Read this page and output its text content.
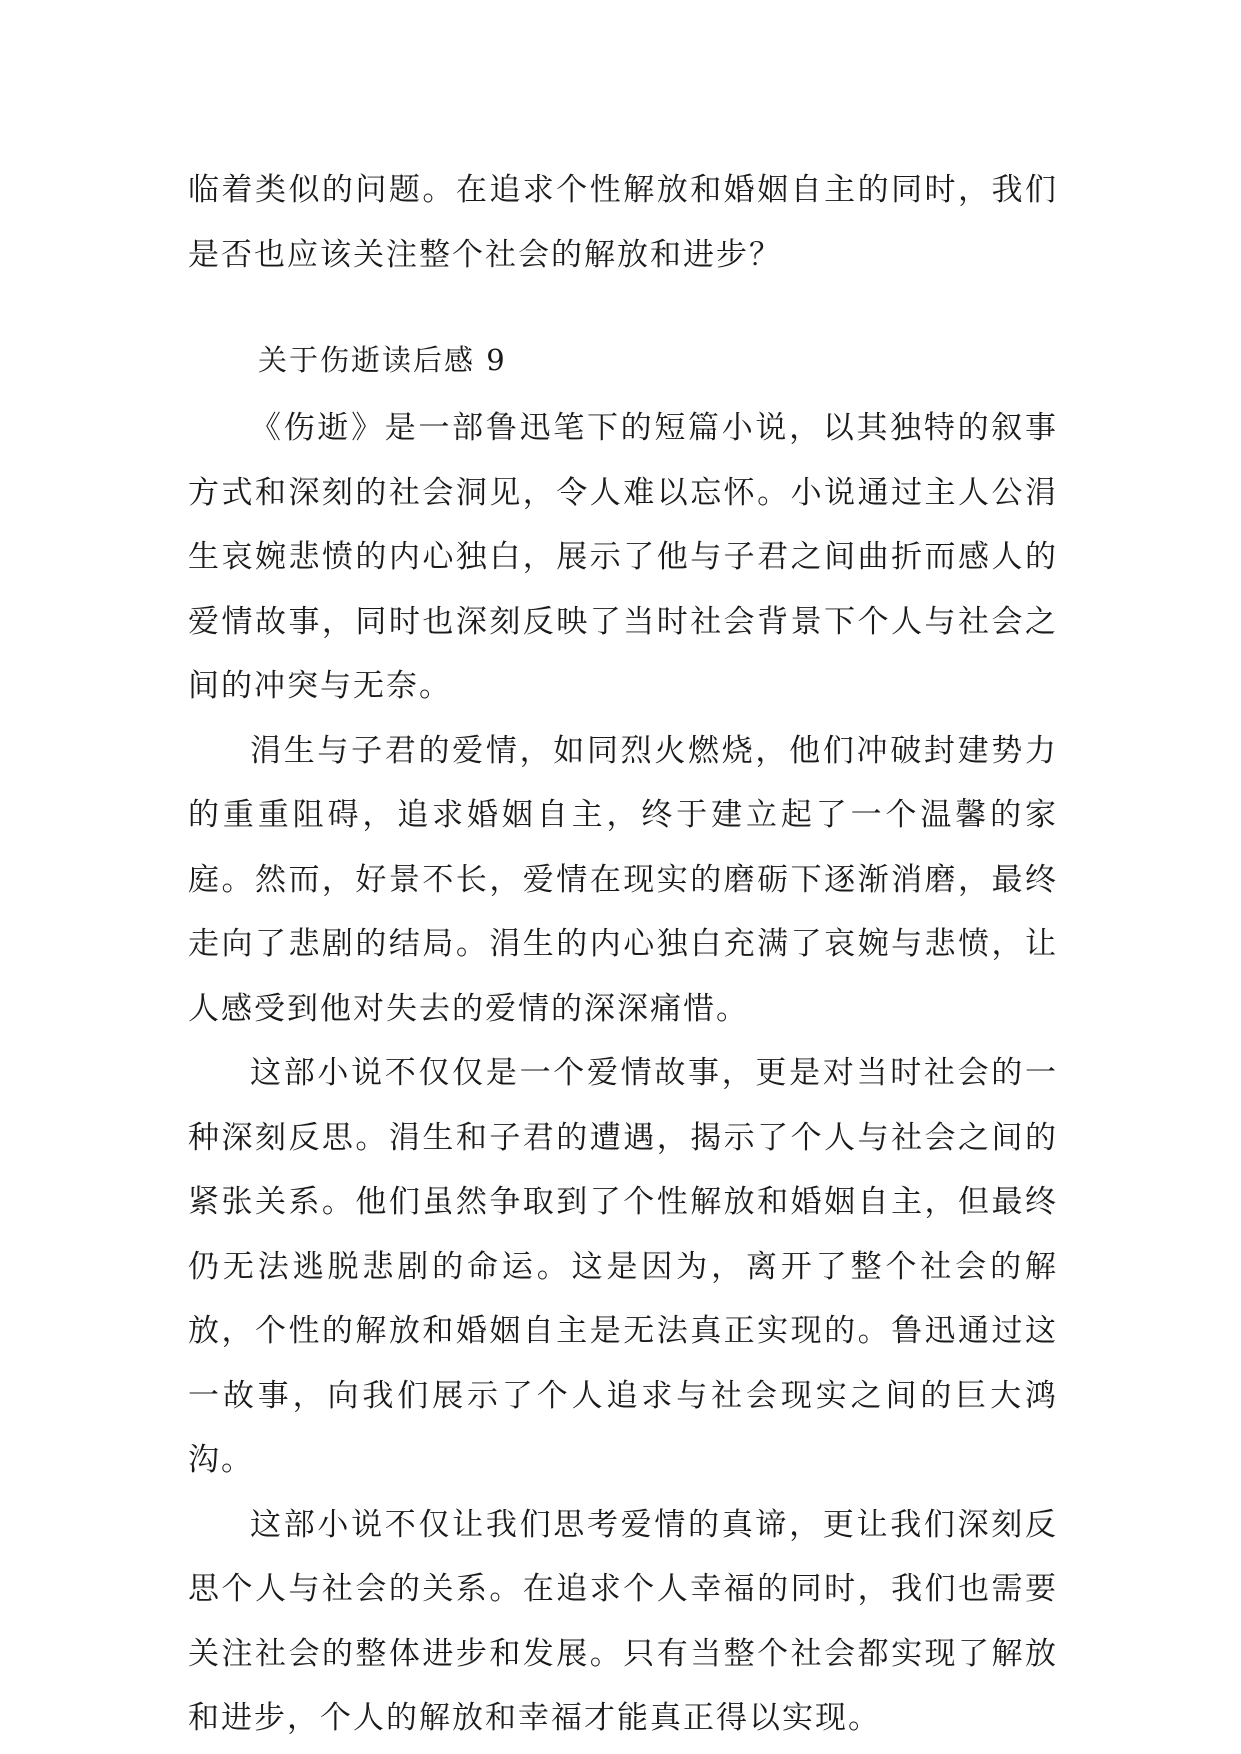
临着类似的问题。在追求个性解放和婚姻自主的同时，我们是否也应该关注整个社会的解放和进步？

关于伤逝读后感 9

《伤逝》是一部鲁迅笔下的短篇小说，以其独特的叙事方式和深刻的社会洞见，令人难以忘怀。小说通过主人公涓生哀婉悲愤的内心独白，展示了他与子君之间曲折而感人的爱情故事，同时也深刻反映了当时社会背景下个人与社会之间的冲突与无奈。

涓生与子君的爱情，如同烈火燃烧，他们冲破封建势力的重重阻碍，追求婚姻自主，终于建立起了一个温馨的家庭。然而，好景不长，爱情在现实的磨砺下逐渐消磨，最终走向了悲剧的结局。涓生的内心独白充满了哀婉与悲愤，让人感受到他对失去的爱情的深深痛惜。

这部小说不仅仅是一个爱情故事，更是对当时社会的一种深刻反思。涓生和子君的遭遇，揭示了个人与社会之间的紧张关系。他们虽然争取到了个性解放和婚姻自主，但最终仍无法逃脱悲剧的命运。这是因为，离开了整个社会的解放，个性的解放和婚姻自主是无法真正实现的。鲁迅通过这一故事，向我们展示了个人追求与社会现实之间的巨大鸿沟。

这部小说不仅让我们思考爱情的真谛，更让我们深刻反思个人与社会的关系。在追求个人幸福的同时，我们也需要关注社会的整体进步和发展。只有当整个社会都实现了解放和进步，个人的解放和幸福才能真正得以实现。
